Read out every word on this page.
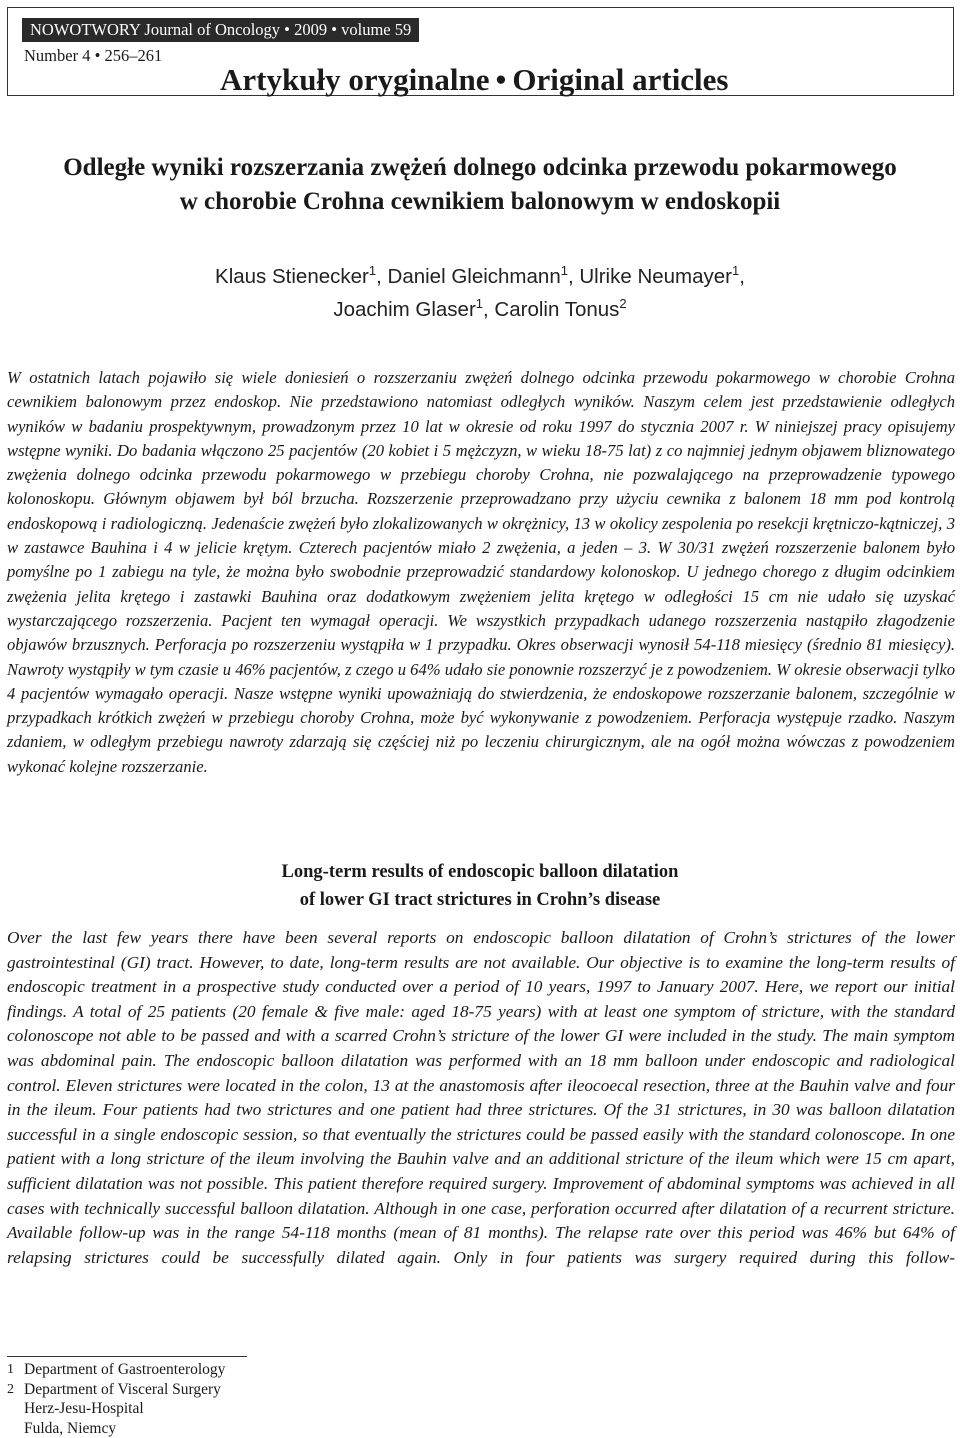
NOWOTWORY Journal of Oncology • 2009 • volume 59
Number 4 • 256–261
Artykuły oryginalne • Original articles
Odległe wyniki rozszerzania zwężeń dolnego odcinka przewodu pokarmowego
w chorobie Crohna cewnikiem balonowym w endoskopii
Klaus Stienecker$^1$, Daniel Gleichmann$^1$, Ulrike Neumayer$^1$,
Joachim Glaser$^1$, Carolin Tonus$^2$

W ostatnich latach pojawiło się wiele doniesień o rozszerzaniu zwężeń dolnego odcinka przewodu pokarmowego w chorobie Crohna cewnikiem balonowym przez endoskop. Nie przedstawiono natomiast odległych wyników. Naszym celem jest przedstawienie odległych wyników w badaniu prospektywnym, prowadzonym przez 10 lat w okresie od roku 1997 do stycznia 2007 r. W niniejszej pracy opisujemy wstępne wyniki. Do badania włączono 25 pacjentów (20 kobiet i 5 mężczyzn, w wieku 18-75 lat) z co najmniej jednym objawem bliznowatego zwężenia dolnego odcinka przewodu pokarmowego w przebiegu choroby Crohna, nie pozwalającego na przeprowadzenie typowego kolonoskopu. Głównym objawem był ból brzucha. Rozszerzenie przeprowadzano przy użyciu cewnika z balonem 18 mm pod kontrolą endoskopową i radiologiczną. Jedenaście zwężeń było zlokalizowanych w okrężnicy, 13 w okolicy zespolenia po resekcji krętniczo-kątniczej, 3 w zastawce Bauhina i 4 w jelicie krętym. Czterech pacjentów miało 2 zwężenia, a jeden – 3. W 30/31 zwężeń rozszerzenie balonem było pomyślne po 1 zabiegu na tyle, że można było swobodnie przeprowadzić standardowy kolonoskop. U jednego chorego z długim odcinkiem zwężenia jelita krętego i zastawki Bauhina oraz dodatkowym zwężeniem jelita krętego w odległości 15 cm nie udało się uzyskać wystarczającego rozszerzenia. Pacjent ten wymagał operacji. We wszystkich przypadkach udanego rozszerzenia nastąpiło złagodzenie objawów brzusznych. Perforacja po rozszerzeniu wystąpiła w 1 przypadku. Okres obserwacji wynosił 54-118 miesięcy (średnio 81 miesięcy). Nawroty wystąpiły w tym czasie u 46% pacjentów, z czego u 64% udało sie ponownie rozszerzyć je z powodzeniem. W okresie obserwacji tylko 4 pacjentów wymagało operacji. Nasze wstępne wyniki upoważniają do stwierdzenia, że endoskopowe rozszerzanie balonem, szczególnie w przypadkach krótkich zwężeń w przebiegu choroby Crohna, może być wykonywanie z powodzeniem. Perforacja występuje rzadko. Naszym zdaniem, w odległym przebiegu nawroty zdarzają się częściej niż po leczeniu chirurgicznym, ale na ogół można wówczas z powodzeniem wykonać kolejne rozszerzanie.

Long-term results of endoscopic balloon dilatation
of lower GI tract strictures in Crohn’s disease

Over the last few years there have been several reports on endoscopic balloon dilatation of Crohn’s strictures of the lower gastrointestinal (GI) tract. However, to date, long-term results are not available. Our objective is to examine the long-term results of endoscopic treatment in a prospective study conducted over a period of 10 years, 1997 to January 2007. Here, we report our initial findings. A total of 25 patients (20 female & five male: aged 18-75 years) with at least one symptom of stricture, with the standard colonoscope not able to be passed and with a scarred Crohn’s stricture of the lower GI were included in the study. The main symptom was abdominal pain. The endoscopic balloon dilatation was performed with an 18 mm balloon under endoscopic and radiological control. Eleven strictures were located in the colon, 13 at the anastomosis after ileocoecal resection, three at the Bauhin valve and four in the ileum. Four patients had two strictures and one patient had three strictures. Of the 31 strictures, in 30 was balloon dilatation successful in a single endoscopic session, so that eventually the strictures could be passed easily with the standard colonoscope. In one patient with a long stricture of the ileum involving the Bauhin valve and an additional stricture of the ileum which were 15 cm apart, sufficient dilatation was not possible. This patient therefore required surgery. Improvement of abdominal symptoms was achieved in all cases with technically successful balloon dilatation. Although in one case, perforation occurred after dilatation of a recurrent stricture. Available follow-up was in the range 54-118 months (mean of 81 months). The relapse rate over this period was 46% but 64% of relapsing strictures could be successfully dilated again. Only in four patients was surgery required during this follow-

1 Department of Gastroenterology
2 Department of Visceral Surgery
Herz-Jesu-Hospital
Fulda, Niemcy
